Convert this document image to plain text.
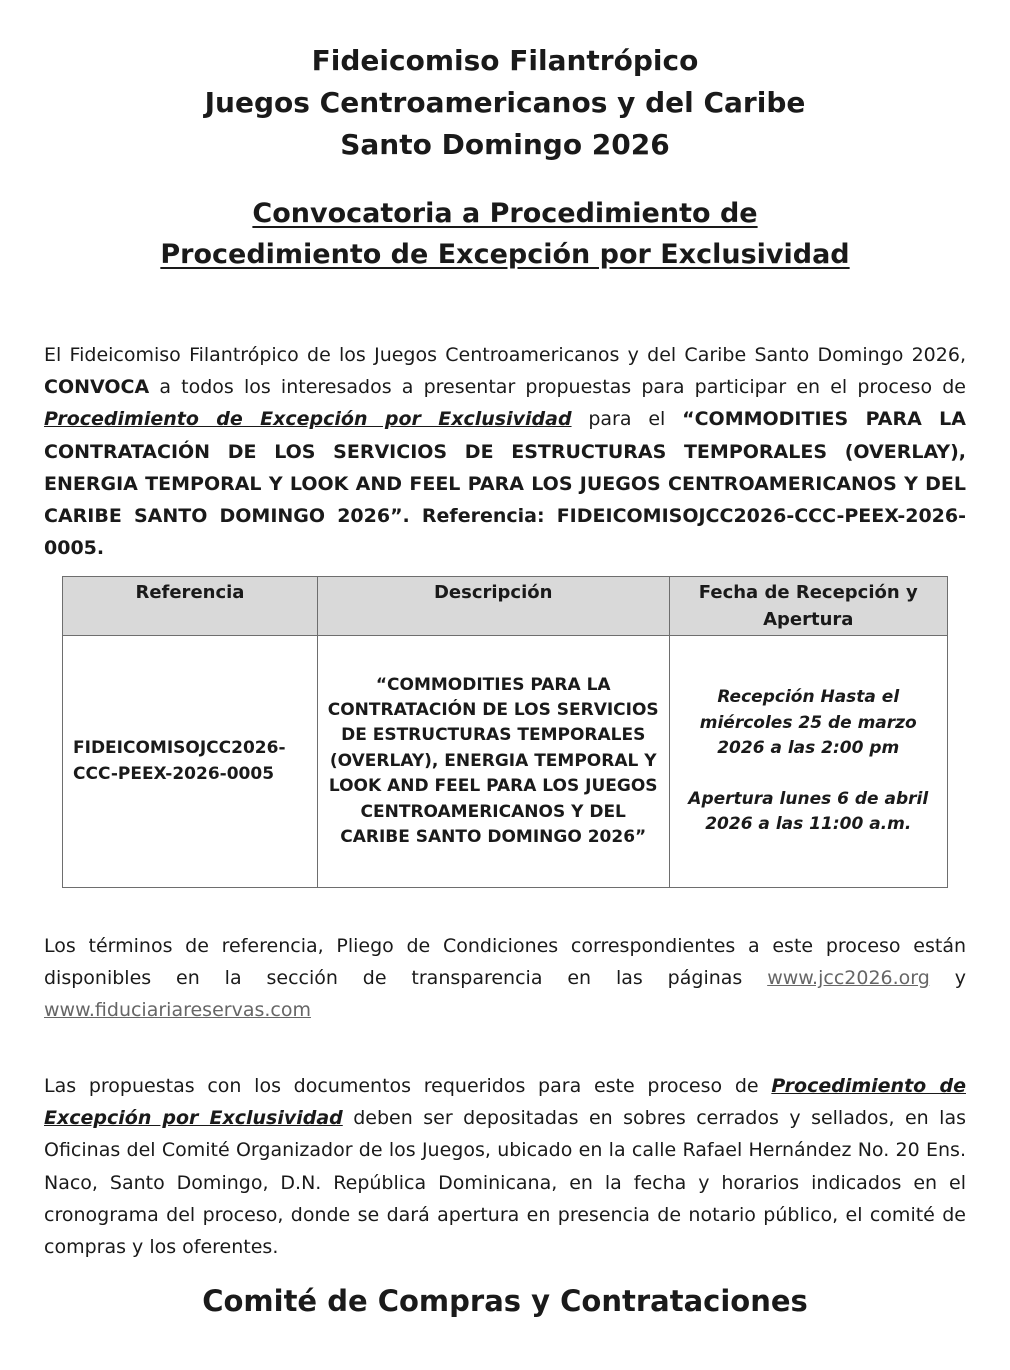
Fideicomiso Filantrópico
Juegos Centroamericanos y del Caribe
Santo Domingo 2026
Convocatoria a Procedimiento de
Procedimiento de Excepción por Exclusividad

El Fideicomiso Filantrópico de los Juegos Centroamericanos y del Caribe Santo Domingo 2026, CONVOCA a todos los interesados a presentar propuestas para participar en el proceso de Procedimiento de Excepción por Exclusividad para el “COMMODITIES PARA LA CONTRATACIÓN DE LOS SERVICIOS DE ESTRUCTURAS TEMPORALES (OVERLAY), ENERGIA TEMPORAL Y LOOK AND FEEL PARA LOS JUEGOS CENTROAMERICANOS Y DEL CARIBE SANTO DOMINGO 2026”. Referencia: FIDEICOMISOJCC2026-CCC-PEEX-2026-0005.

Referencia	Descripción	Fecha de Recepción y Apertura
FIDEICOMISOJCC2026-CCC-PEEX-2026-0005	“COMMODITIES PARA LA CONTRATACIÓN DE LOS SERVICIOS DE ESTRUCTURAS TEMPORALES (OVERLAY), ENERGIA TEMPORAL Y LOOK AND FEEL PARA LOS JUEGOS CENTROAMERICANOS Y DEL CARIBE SANTO DOMINGO 2026”	Recepción Hasta el miércoles 25 de marzo 2026 a las 2:00 pm
Apertura lunes 6 de abril 2026 a las 11:00 a.m.

Los términos de referencia, Pliego de Condiciones correspondientes a este proceso están disponibles en la sección de transparencia en las páginas www.jcc2026.org y www.fiduciariareservas.com

Las propuestas con los documentos requeridos para este proceso de Procedimiento de Excepción por Exclusividad deben ser depositadas en sobres cerrados y sellados, en las Oficinas del Comité Organizador de los Juegos, ubicado en la calle Rafael Hernández No. 20 Ens. Naco, Santo Domingo, D.N. República Dominicana, en la fecha y horarios indicados en el cronograma del proceso, donde se dará apertura en presencia de notario público, el comité de compras y los oferentes.

Comité de Compras y Contrataciones
